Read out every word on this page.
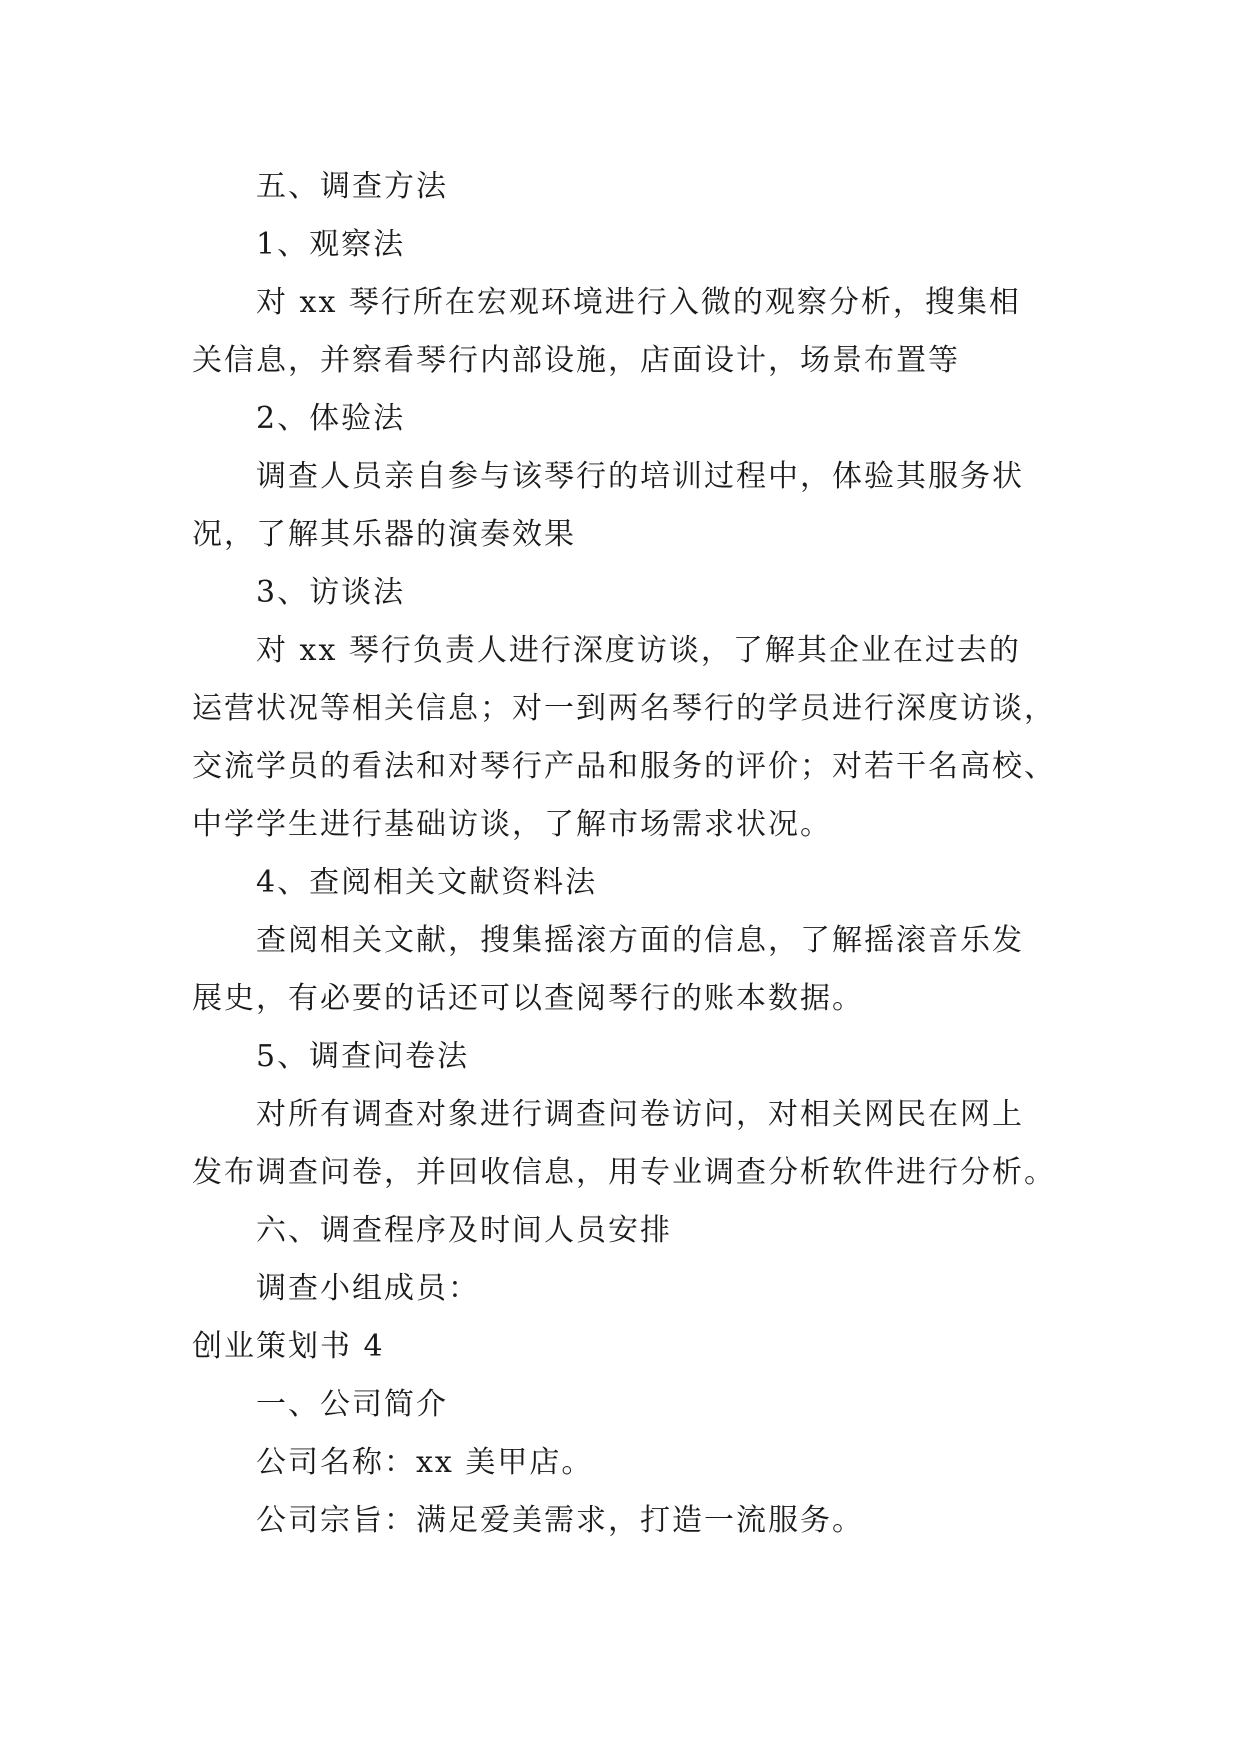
五、调查方法
1、观察法
对 xx 琴行所在宏观环境进行入微的观察分析，搜集相
关信息，并察看琴行内部设施，店面设计，场景布置等
2、体验法
调查人员亲自参与该琴行的培训过程中，体验其服务状
况，了解其乐器的演奏效果
3、访谈法
对 xx 琴行负责人进行深度访谈，了解其企业在过去的
运营状况等相关信息；对一到两名琴行的学员进行深度访谈，
交流学员的看法和对琴行产品和服务的评价；对若干名高校、
中学学生进行基础访谈，了解市场需求状况。
4、查阅相关文献资料法
查阅相关文献，搜集摇滚方面的信息，了解摇滚音乐发
展史，有必要的话还可以查阅琴行的账本数据。
5、调查问卷法
对所有调查对象进行调查问卷访问，对相关网民在网上
发布调查问卷，并回收信息，用专业调查分析软件进行分析。
六、调查程序及时间人员安排
调查小组成员：
创业策划书 4
一、公司简介
公司名称：xx 美甲店。
公司宗旨：满足爱美需求，打造一流服务。
